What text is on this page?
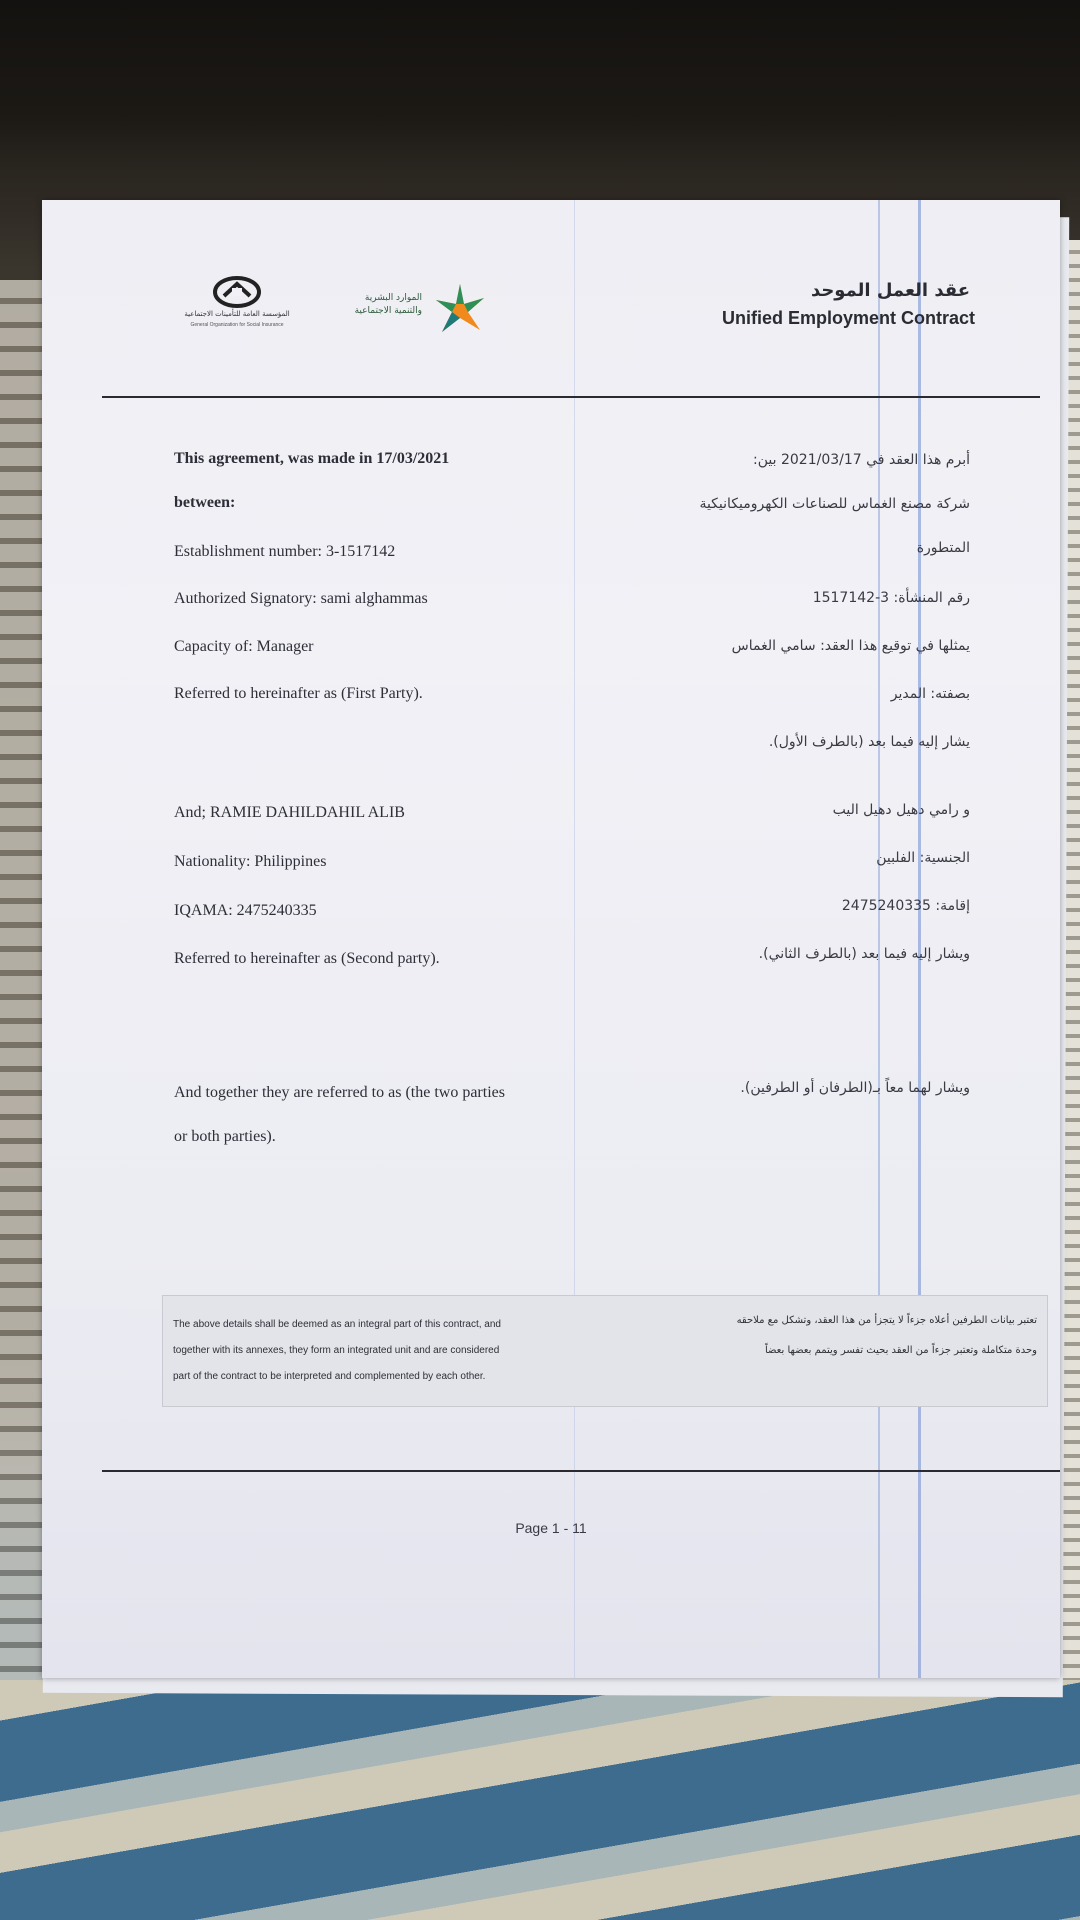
المؤسسة العامة للتأمينات الاجتماعية
General Organization for Social Insurance
الموارد البشرية
والتنمية الاجتماعية
عقد العمل الموحد
Unified Employment Contract
This agreement, was made in 17/03/2021
between:
Establishment number: 3-1517142
Authorized Signatory: sami alghammas
Capacity of: Manager
Referred to hereinafter as (First Party).
And; RAMIE DAHILDAHIL ALIB
Nationality: Philippines
IQAMA: 2475240335
Referred to hereinafter as (Second party).
And together they are referred to as (the two parties
or both parties).
أبرم هذا العقد في 2021/03/17 بين:
شركة مصنع الغماس للصناعات الكهروميكانيكية
المتطورة
رقم المنشأة: 3-1517142
يمثلها في توقيع هذا العقد: سامي الغماس
بصفته: المدير
يشار إليه فيما بعد (بالطرف الأول).
و رامي دهيل دهيل اليب
الجنسية: الفلبين
إقامة: 2475240335
ويشار إليه فيما بعد (بالطرف الثاني).
ويشار لهما معاً بـ(الطرفان أو الطرفين).
The above details shall be deemed as an integral part of this contract, and
together with its annexes, they form an integrated unit and are considered
part of the contract to be interpreted and complemented by each other.
تعتبر بيانات الطرفين أعلاه جزءاً لا يتجزأ من هذا العقد، وتشكل مع ملاحقه
وحدة متكاملة وتعتبر جزءاً من العقد بحيث تفسر ويتمم بعضها بعضاً
Page 1 - 11
